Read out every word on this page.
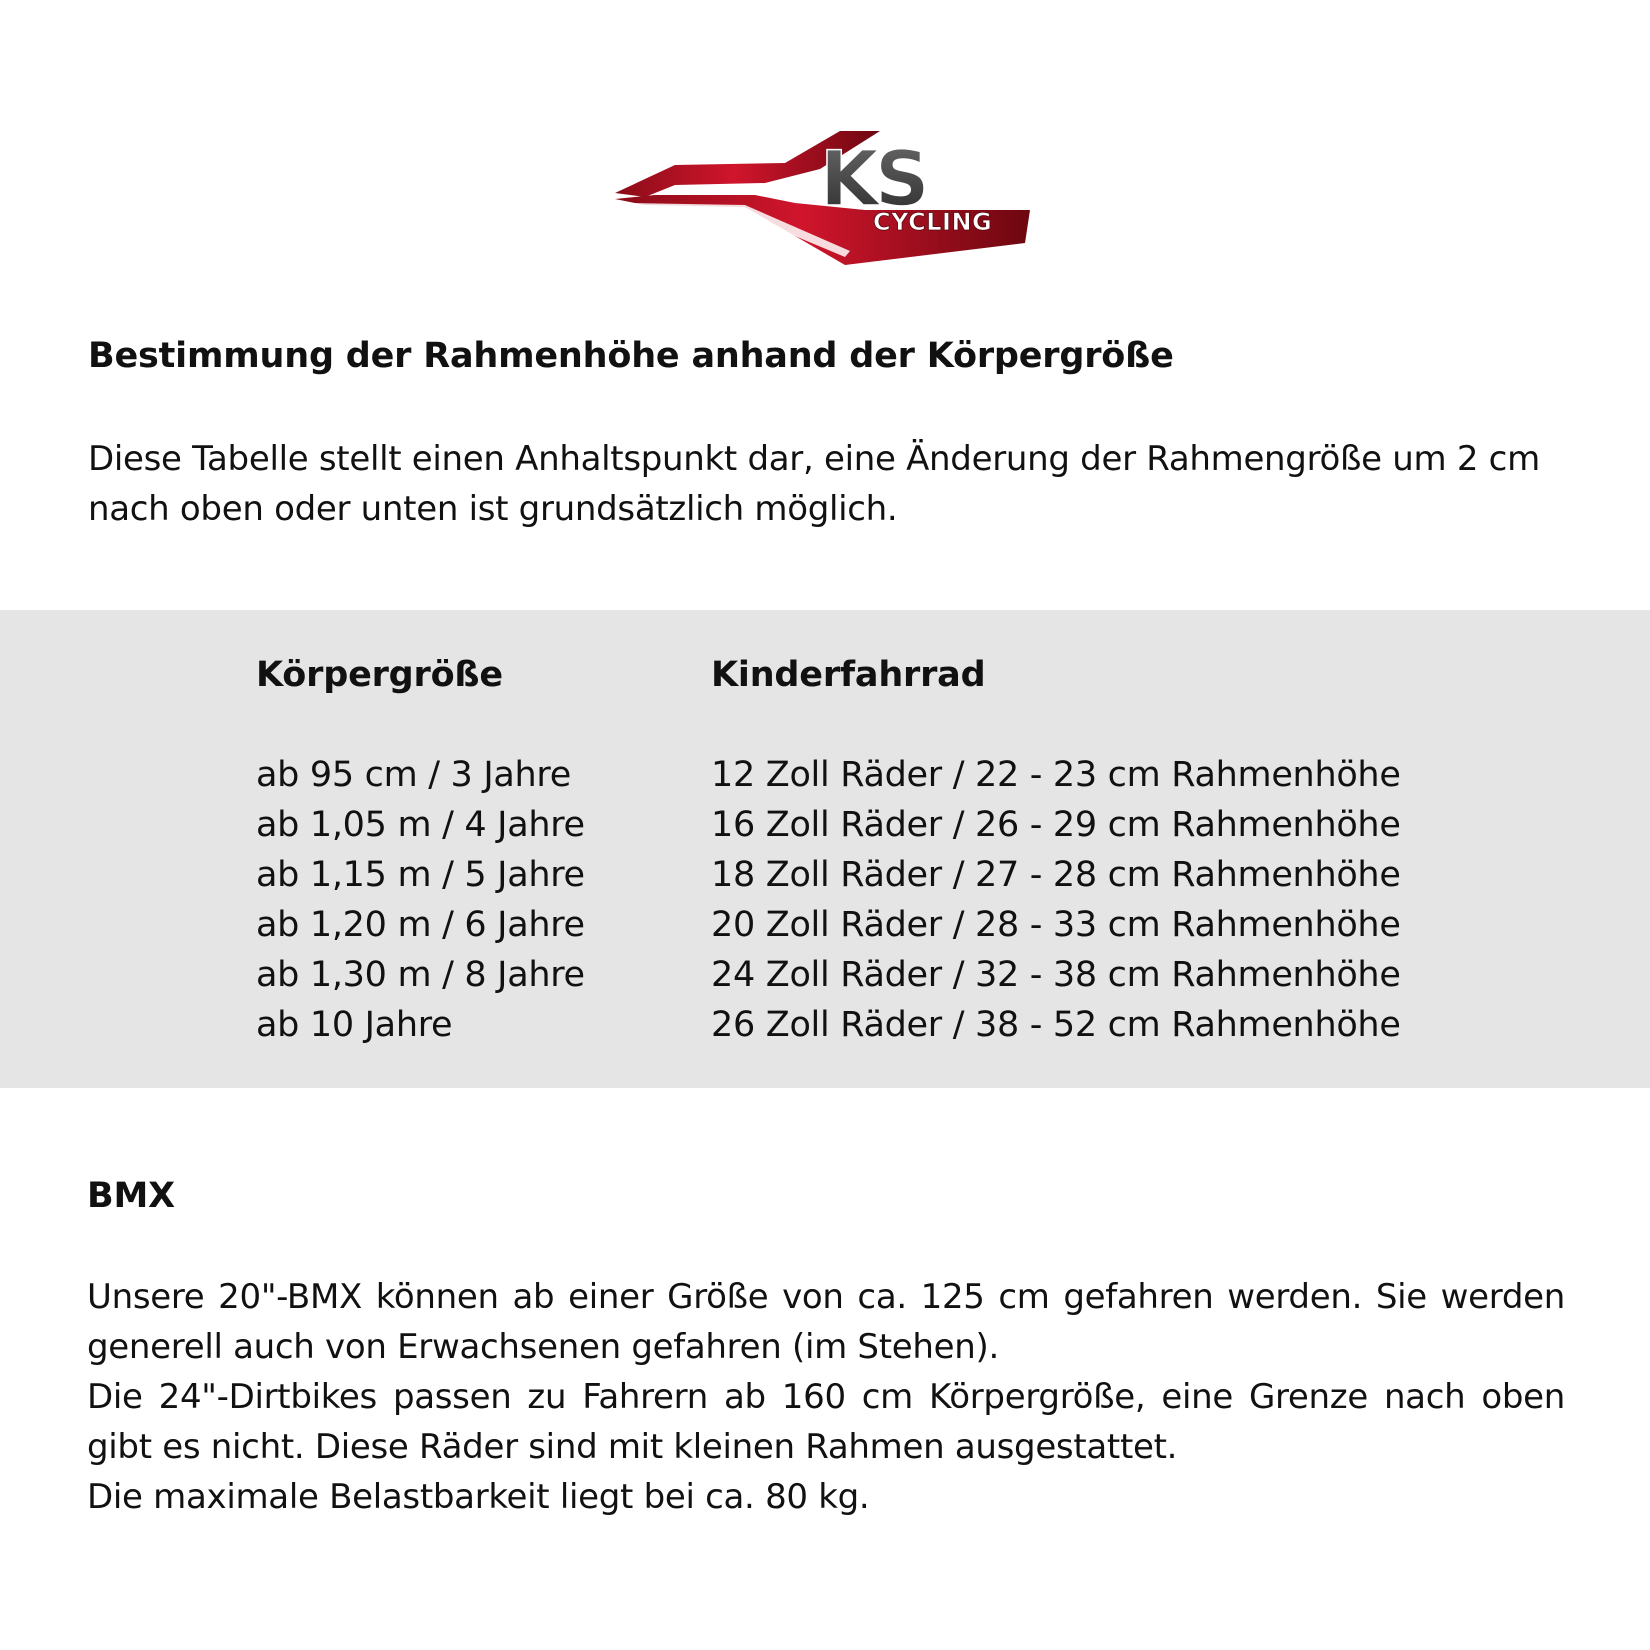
KS
CYCLING
Bestimmung der Rahmenhöhe anhand der Körpergröße
Diese Tabelle stellt einen Anhaltspunkt dar, eine Änderung der Rahmengröße um 2 cm nach oben oder unten ist grundsätzlich möglich.
Körpergröße
ab 95 cm / 3 Jahre
ab 1,05 m / 4 Jahre
ab 1,15 m / 5 Jahre
ab 1,20 m / 6 Jahre
ab 1,30 m / 8 Jahre
ab 10 Jahre
Kinderfahrrad
12 Zoll Räder / 22 - 23 cm Rahmenhöhe
16 Zoll Räder / 26 - 29 cm Rahmenhöhe
18 Zoll Räder / 27 - 28 cm Rahmenhöhe
20 Zoll Räder / 28 - 33 cm Rahmenhöhe
24 Zoll Räder / 32 - 38 cm Rahmenhöhe
26 Zoll Räder / 38 - 52 cm Rahmenhöhe
BMX

Unsere 20"-BMX können ab einer Größe von ca. 125 cm gefahren werden. Sie werden generell auch von Erwachsenen gefahren (im Stehen).

Die 24"-Dirtbikes passen zu Fahrern ab 160 cm Körpergröße, eine Grenze nach oben gibt es nicht. Diese Räder sind mit kleinen Rahmen ausgestattet.

Die maximale Belastbarkeit liegt bei ca. 80 kg.
